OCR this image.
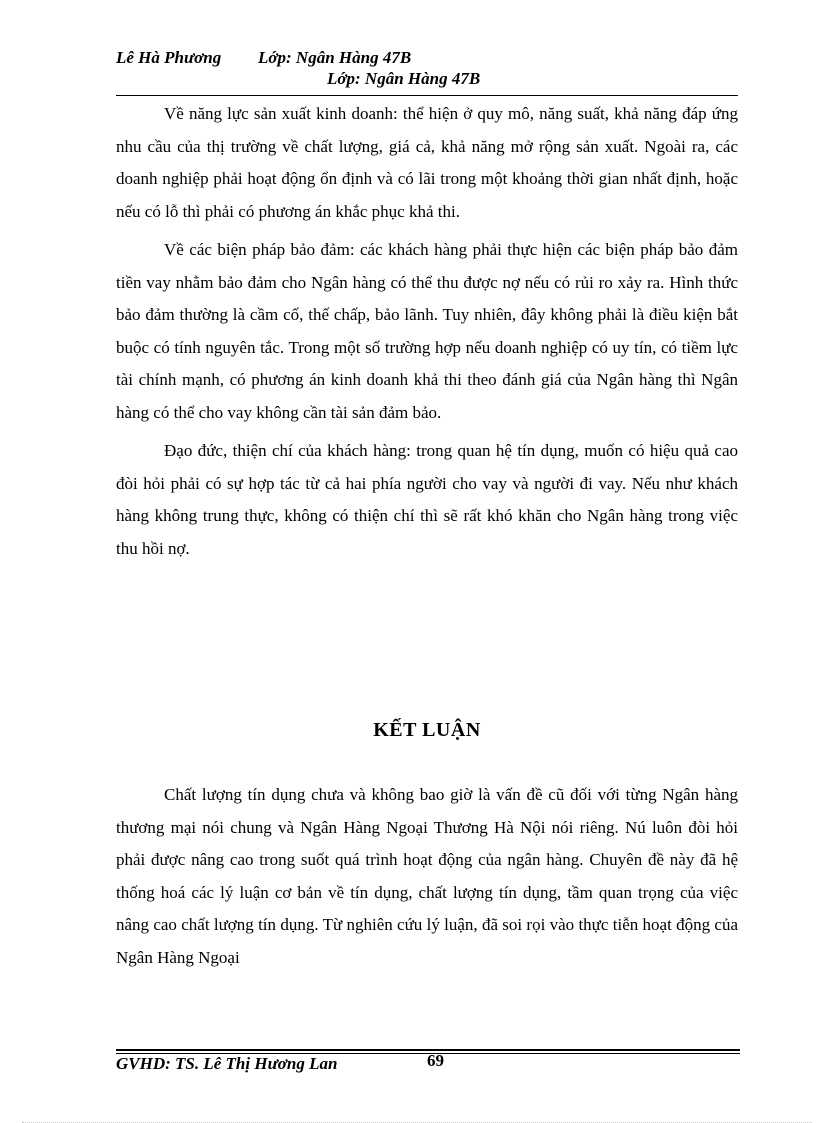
Lê Hà Phương Lớp: Ngân Hàng 47B
Lớp: Ngân Hàng 47B

Về năng lực sản xuất kinh doanh: thể hiện ở quy mô, năng suất, khả năng đáp ứng nhu cầu của thị trường về chất lượng, giá cả, khả năng mở rộng sản xuất. Ngoài ra, các doanh nghiệp phải hoạt động ổn định và có lãi trong một khoảng thời gian nhất định, hoặc nếu có lỗ thì phải có phương án khắc phục khả thi.

Về các biện pháp bảo đảm: các khách hàng phải thực hiện các biện pháp bảo đảm tiền vay nhằm bảo đảm cho Ngân hàng có thể thu được nợ nếu có rủi ro xảy ra. Hình thức bảo đảm thường là cầm cố, thế chấp, bảo lãnh. Tuy nhiên, đây không phải là điều kiện bắt buộc có tính nguyên tắc. Trong một số trường hợp nếu doanh nghiệp có uy tín, có tiềm lực tài chính mạnh, có phương án kinh doanh khả thi theo đánh giá của Ngân hàng thì Ngân hàng có thể cho vay không cần tài sản đảm bảo.

Đạo đức, thiện chí của khách hàng: trong quan hệ tín dụng, muốn có hiệu quả cao đòi hỏi phải có sự hợp tác từ cả hai phía người cho vay và người đi vay. Nếu như khách hàng không trung thực, không có thiện chí thì sẽ rất khó khăn cho Ngân hàng trong việc thu hồi nợ.

KẾT LUẬN

Chất lượng tín dụng chưa và không bao giờ là vấn đề cũ đối với từng Ngân hàng thương mại nói chung và Ngân Hàng Ngoại Thương Hà Nội nói riêng. Nú luôn đòi hỏi phải được nâng cao trong suốt quá trình hoạt động của ngân hàng. Chuyên đề này đã hệ thống hoá các lý luận cơ bản về tín dụng, chất lượng tín dụng, tầm quan trọng của việc nâng cao chất lượng tín dụng. Từ nghiên cứu lý luận, đã soi rọi vào thực tiễn hoạt động của Ngân Hàng Ngoại

GVHD: TS. Lê Thị Hương Lan	69
